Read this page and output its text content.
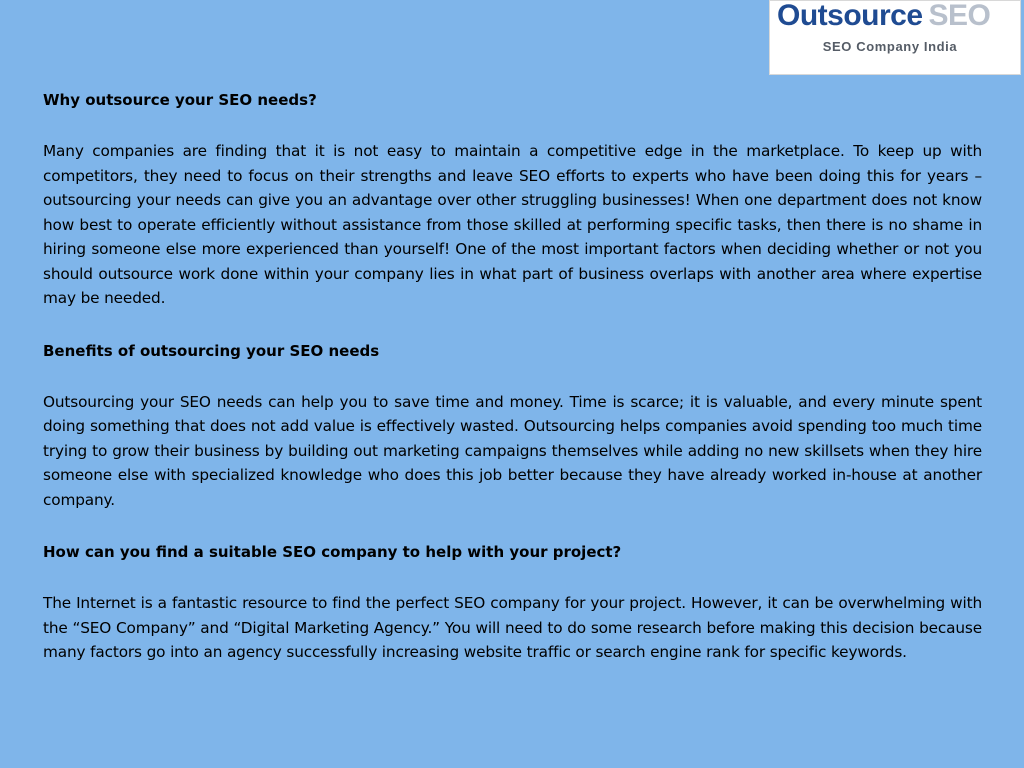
Outsource SEO
SEO Company India

Why outsource your SEO needs?

Many companies are finding that it is not easy to maintain a competitive edge in the marketplace. To keep up with competitors, they need to focus on their strengths and leave SEO efforts to experts who have been doing this for years – outsourcing your needs can give you an advantage over other struggling businesses! When one department does not know how best to operate efficiently without assistance from those skilled at performing specific tasks, then there is no shame in hiring someone else more experienced than yourself! One of the most important factors when deciding whether or not you should outsource work done within your company lies in what part of business overlaps with another area where expertise may be needed.

Benefits of outsourcing your SEO needs

Outsourcing your SEO needs can help you to save time and money. Time is scarce; it is valuable, and every minute spent doing something that does not add value is effectively wasted. Outsourcing helps companies avoid spending too much time trying to grow their business by building out marketing campaigns themselves while adding no new skillsets when they hire someone else with specialized knowledge who does this job better because they have already worked in-house at another company.

How can you find a suitable SEO company to help with your project?

The Internet is a fantastic resource to find the perfect SEO company for your project. However, it can be overwhelming with the “SEO Company” and “Digital Marketing Agency.” You will need to do some research before making this decision because many factors go into an agency successfully increasing website traffic or search engine rank for specific keywords.
